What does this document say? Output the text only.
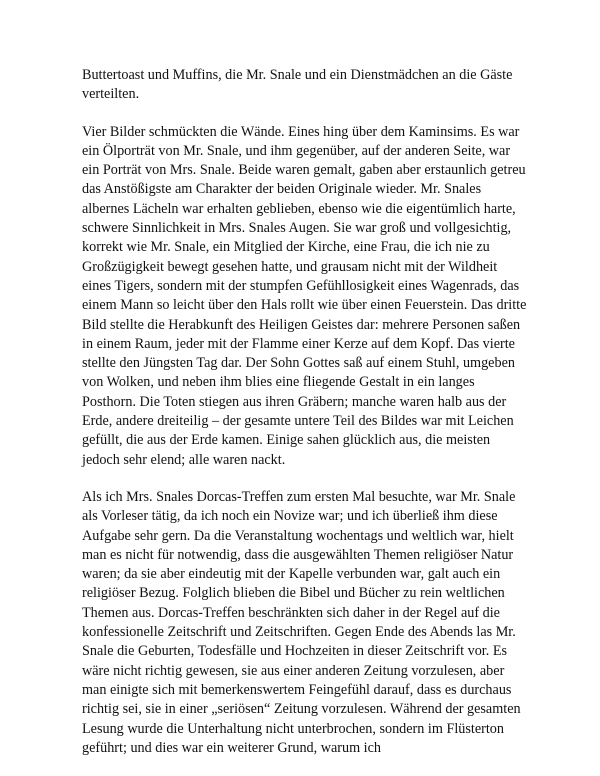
Buttertoast und Muffins, die Mr. Snale und ein Dienstmädchen an die Gäste verteilten.

Vier Bilder schmückten die Wände. Eines hing über dem Kaminsims. Es war ein Ölporträt von Mr. Snale, und ihm gegenüber, auf der anderen Seite, war ein Porträt von Mrs. Snale. Beide waren gemalt, gaben aber erstaunlich getreu das Anstößigste am Charakter der beiden Originale wieder. Mr. Snales albernes Lächeln war erhalten geblieben, ebenso wie die eigentümlich harte, schwere Sinnlichkeit in Mrs. Snales Augen. Sie war groß und vollgesichtig, korrekt wie Mr. Snale, ein Mitglied der Kirche, eine Frau, die ich nie zu Großzügigkeit bewegt gesehen hatte, und grausam nicht mit der Wildheit eines Tigers, sondern mit der stumpfen Gefühllosigkeit eines Wagenrads, das einem Mann so leicht über den Hals rollt wie über einen Feuerstein. Das dritte Bild stellte die Herabkunft des Heiligen Geistes dar: mehrere Personen saßen in einem Raum, jeder mit der Flamme einer Kerze auf dem Kopf. Das vierte stellte den Jüngsten Tag dar. Der Sohn Gottes saß auf einem Stuhl, umgeben von Wolken, und neben ihm blies eine fliegende Gestalt in ein langes Posthorn. Die Toten stiegen aus ihren Gräbern; manche waren halb aus der Erde, andere dreiteilig – der gesamte untere Teil des Bildes war mit Leichen gefüllt, die aus der Erde kamen. Einige sahen glücklich aus, die meisten jedoch sehr elend; alle waren nackt.

Als ich Mrs. Snales Dorcas-Treffen zum ersten Mal besuchte, war Mr. Snale als Vorleser tätig, da ich noch ein Novize war; und ich überließ ihm diese Aufgabe sehr gern. Da die Veranstaltung wochentags und weltlich war, hielt man es nicht für notwendig, dass die ausgewählten Themen religiöser Natur waren; da sie aber eindeutig mit der Kapelle verbunden war, galt auch ein religiöser Bezug. Folglich blieben die Bibel und Bücher zu rein weltlichen Themen aus. Dorcas-Treffen beschränkten sich daher in der Regel auf die konfessionelle Zeitschrift und Zeitschriften. Gegen Ende des Abends las Mr. Snale die Geburten, Todesfälle und Hochzeiten in dieser Zeitschrift vor. Es wäre nicht richtig gewesen, sie aus einer anderen Zeitung vorzulesen, aber man einigte sich mit bemerkenswertem Feingefühl darauf, dass es durchaus richtig sei, sie in einer „seriösen“ Zeitung vorzulesen. Während der gesamten Lesung wurde die Unterhaltung nicht unterbrochen, sondern im Flüsterton geführt; und dies war ein weiterer Grund, warum ich
